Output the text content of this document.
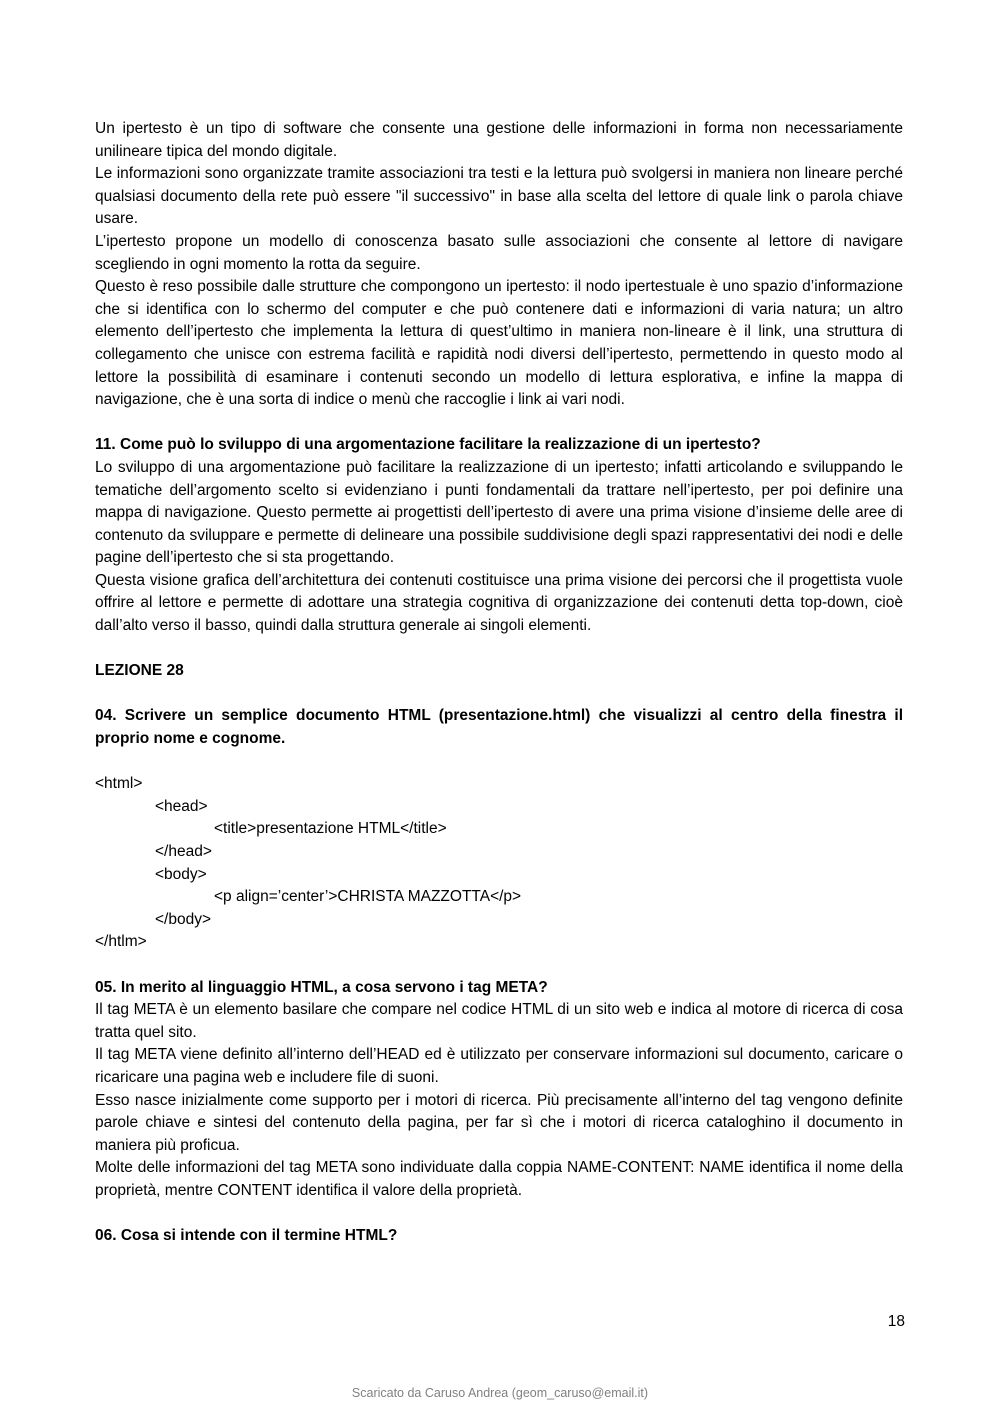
Un ipertesto è un tipo di software che consente una gestione delle informazioni in forma non necessariamente unilineare tipica del mondo digitale.

Le informazioni sono organizzate tramite associazioni tra testi e la lettura può svolgersi in maniera non lineare perché qualsiasi documento della rete può essere "il successivo" in base alla scelta del lettore di quale link o parola chiave usare.

L’ipertesto propone un modello di conoscenza basato sulle associazioni che consente al lettore di navigare scegliendo in ogni momento la rotta da seguire.

Questo è reso possibile dalle strutture che compongono un ipertesto: il nodo ipertestuale è uno spazio d’informazione che si identifica con lo schermo del computer e che può contenere dati e informazioni di varia natura; un altro elemento dell’ipertesto che implementa la lettura di quest’ultimo in maniera non-lineare è il link, una struttura di collegamento che unisce con estrema facilità e rapidità nodi diversi dell’ipertesto, permettendo in questo modo al lettore la possibilità di esaminare i contenuti secondo un modello di lettura esplorativa, e infine la mappa di navigazione, che è una sorta di indice o menù che raccoglie i link ai vari nodi.

11. Come può lo sviluppo di una argomentazione facilitare la realizzazione di un ipertesto?

Lo sviluppo di una argomentazione può facilitare la realizzazione di un ipertesto; infatti articolando e sviluppando le tematiche dell’argomento scelto si evidenziano i punti fondamentali da trattare nell’ipertesto, per poi definire una mappa di navigazione. Questo permette ai progettisti dell’ipertesto di avere una prima visione d’insieme delle aree di contenuto da sviluppare e permette di delineare una possibile suddivisione degli spazi rappresentativi dei nodi e delle pagine dell’ipertesto che si sta progettando.

Questa visione grafica dell’architettura dei contenuti costituisce una prima visione dei percorsi che il progettista vuole offrire al lettore e permette di adottare una strategia cognitiva di organizzazione dei contenuti detta top-down, cioè dall’alto verso il basso, quindi dalla struttura generale ai singoli elementi.

LEZIONE 28

04. Scrivere un semplice documento HTML (presentazione.html) che visualizzi al centro della finestra il proprio nome e cognome.

<html>

<head>

<title>presentazione HTML</title>

</head>

<body>

<p align=’center’>CHRISTA MAZZOTTA</p>

</body>

</htlm>

05. In merito al linguaggio HTML, a cosa servono i tag META?

Il tag META è un elemento basilare che compare nel codice HTML di un sito web e indica al motore di ricerca di cosa tratta quel sito.

Il tag META viene definito all’interno dell’HEAD ed è utilizzato per conservare informazioni sul documento, caricare o ricaricare una pagina web e includere file di suoni.

Esso nasce inizialmente come supporto per i motori di ricerca. Più precisamente all’interno del tag vengono definite parole chiave e sintesi del contenuto della pagina, per far sì che i motori di ricerca cataloghino il documento in maniera più proficua.

Molte delle informazioni del tag META sono individuate dalla coppia NAME-CONTENT: NAME identifica il nome della proprietà, mentre CONTENT identifica il valore della proprietà.

06. Cosa si intende con il termine HTML?

18
Scaricato da Caruso Andrea (geom_caruso@email.it)
